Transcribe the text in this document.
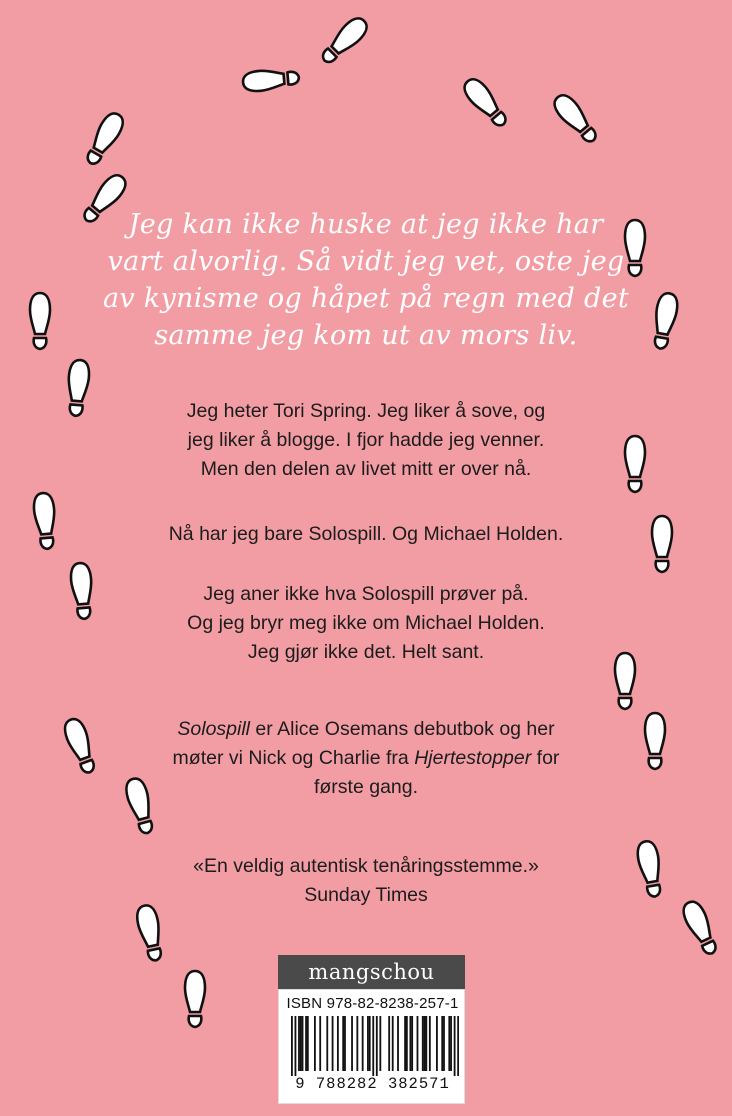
Jeg kan ikke huske at jeg ikke har
vart alvorlig. Så vidt jeg vet, oste jeg
av kynisme og håpet på regn med det
samme jeg kom ut av mors liv.
Jeg heter Tori Spring. Jeg liker å sove, og
jeg liker å blogge. I fjor hadde jeg venner.
Men den delen av livet mitt er over nå.
Nå har jeg bare Solospill. Og Michael Holden.
Jeg aner ikke hva Solospill prøver på.
Og jeg bryr meg ikke om Michael Holden.
Jeg gjør ikke det. Helt sant.
Solospill er Alice Osemans debutbok og her
møter vi Nick og Charlie fra Hjertestopper for
første gang.
«En veldig autentisk tenåringsstemme.»
Sunday Times
mangschou
ISBN 978-82-8238-257-1
9 788282 382571
